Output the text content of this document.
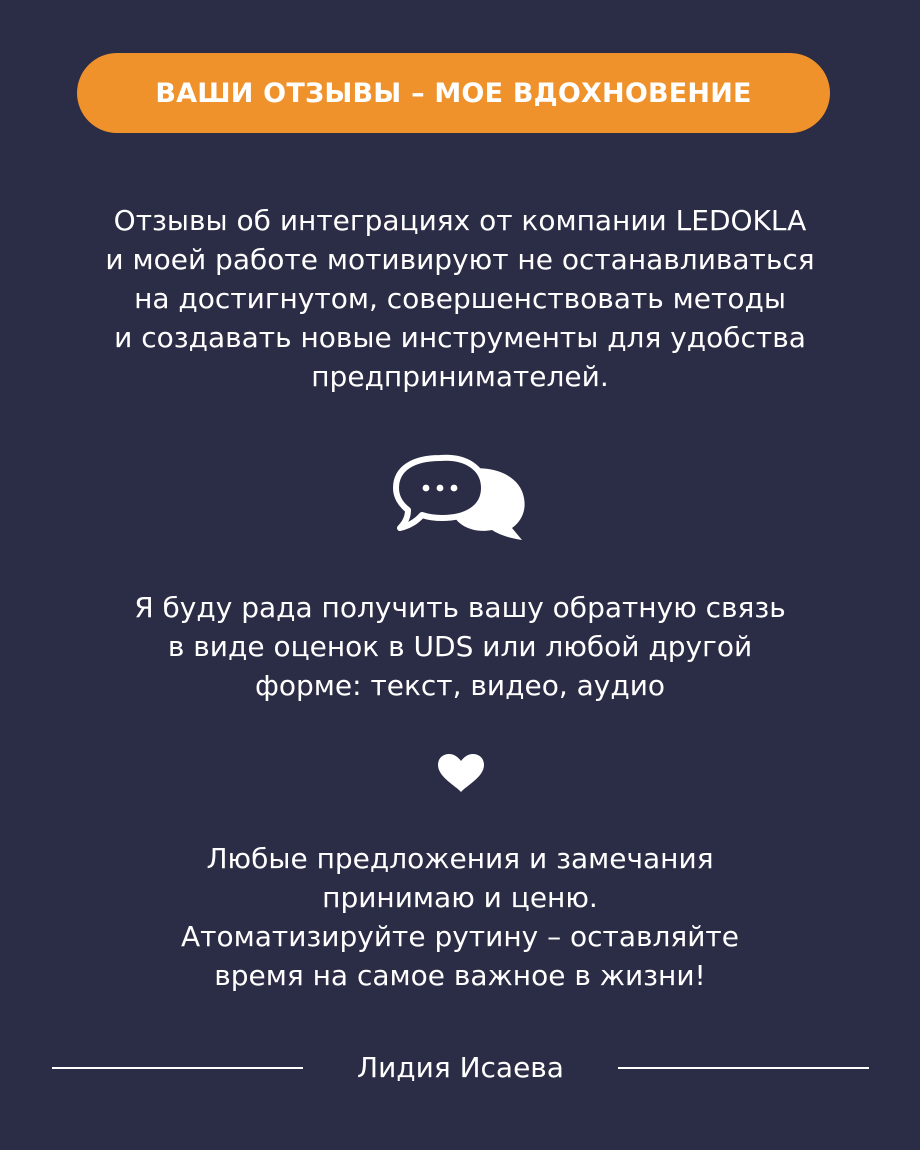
ВАШИ ОТЗЫВЫ – МОЕ ВДОХНОВЕНИЕ
Отзывы об интеграциях от компании LEDOKLA
и моей работе мотивируют не останавливаться
на достигнутом, совершенствовать методы
и создавать новые инструменты для удобства
предпринимателей.
Я буду рада получить вашу обратную связь
в виде оценок в UDS или любой другой
форме: текст, видео, аудио
Любые предложения и замечания
принимаю и ценю.
Атоматизируйте рутину – оставляйте
время на самое важное в жизни!
Лидия Исаева
